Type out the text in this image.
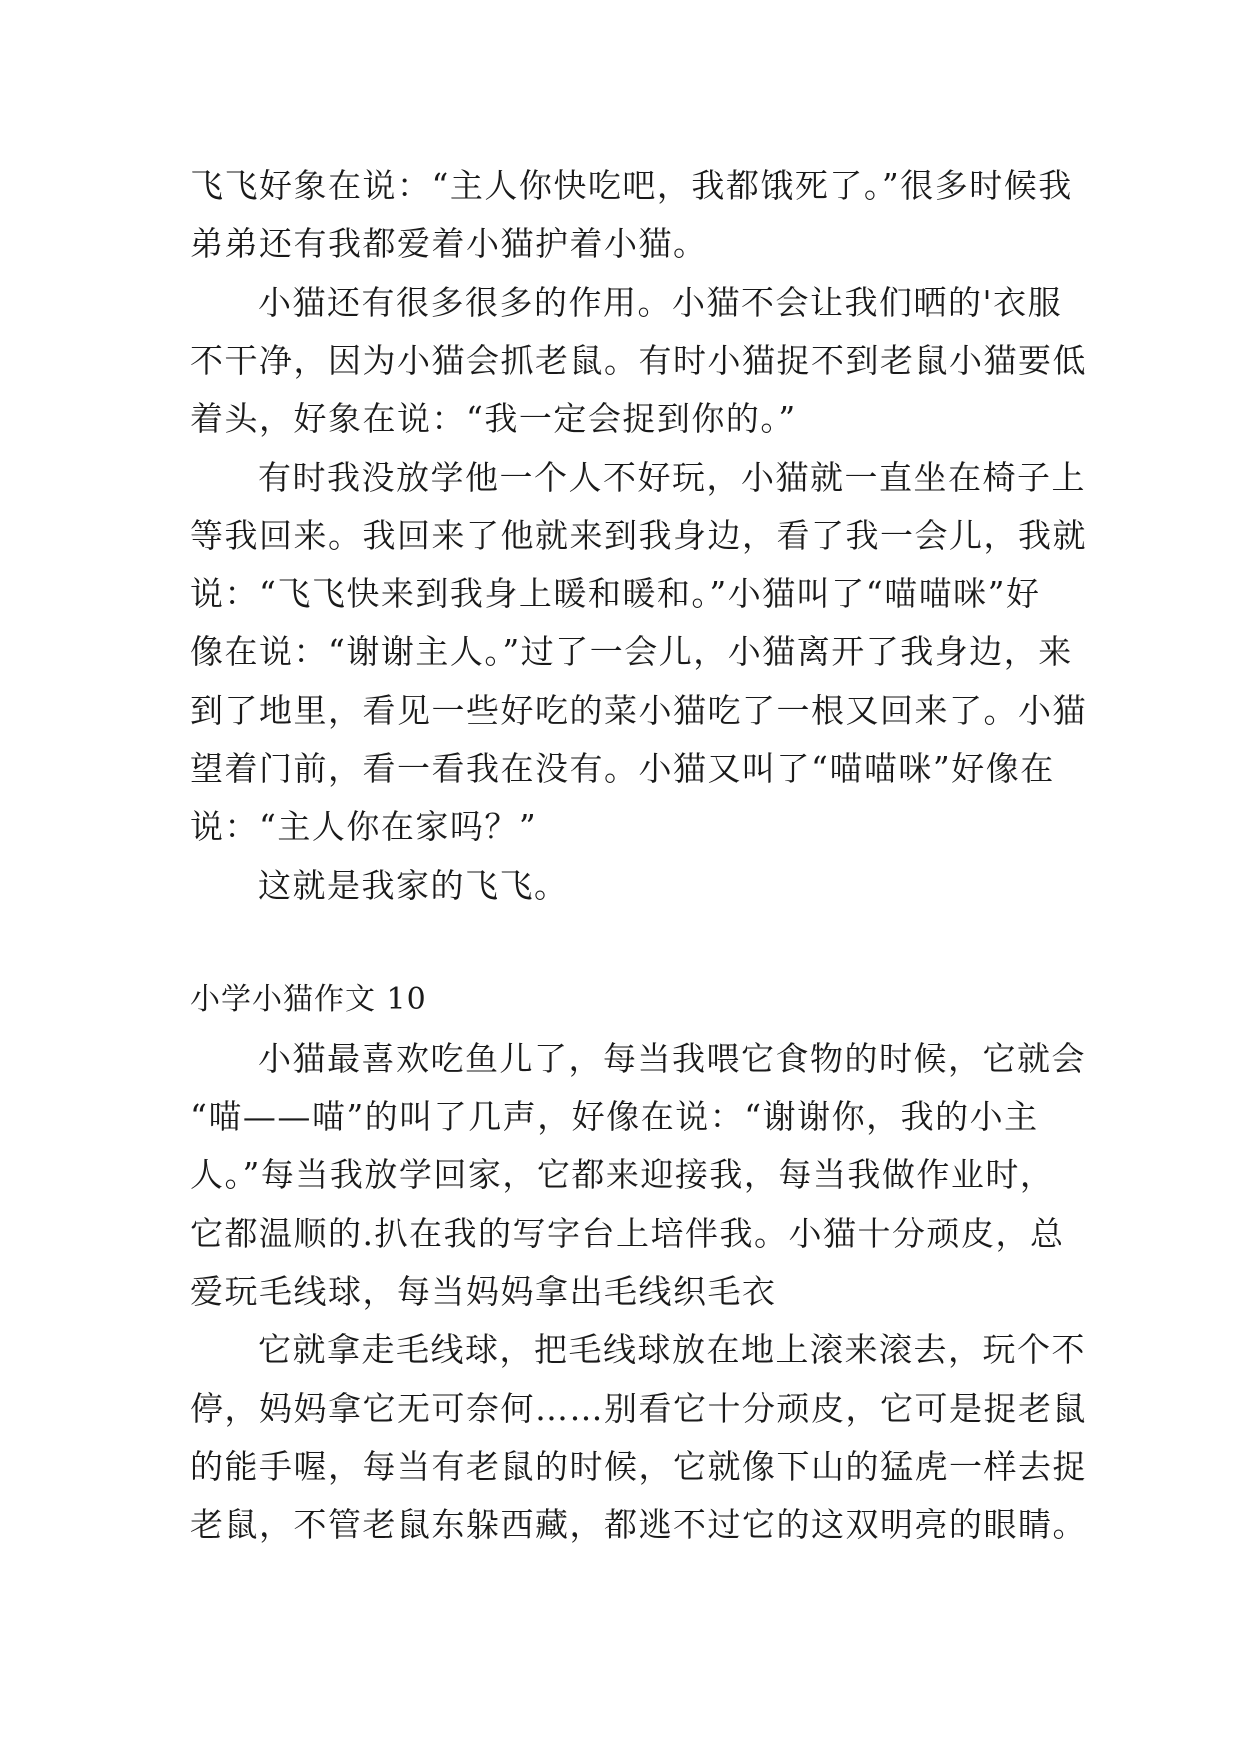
飞飞好象在说：“主人你快吃吧，我都饿死了。”很多时候我
弟弟还有我都爱着小猫护着小猫。
小猫还有很多很多的作用。小猫不会让我们晒的'衣服
不干净，因为小猫会抓老鼠。有时小猫捉不到老鼠小猫要低
着头，好象在说：“我一定会捉到你的。”
有时我没放学他一个人不好玩，小猫就一直坐在椅子上
等我回来。我回来了他就来到我身边，看了我一会儿，我就
说：“飞飞快来到我身上暖和暖和。”小猫叫了“喵喵咪”好
像在说：“谢谢主人。”过了一会儿，小猫离开了我身边，来
到了地里，看见一些好吃的菜小猫吃了一根又回来了。小猫
望着门前，看一看我在没有。小猫又叫了“喵喵咪”好像在
说：“主人你在家吗？”
这就是我家的飞飞。
小学小猫作文 10
小猫最喜欢吃鱼儿了，每当我喂它食物的时候，它就会
“喵——喵”的叫了几声，好像在说：“谢谢你，我的小主
人。”每当我放学回家，它都来迎接我，每当我做作业时，
它都温顺的.扒在我的写字台上培伴我。小猫十分顽皮，总
爱玩毛线球，每当妈妈拿出毛线织毛衣
它就拿走毛线球，把毛线球放在地上滚来滚去，玩个不
停，妈妈拿它无可奈何……别看它十分顽皮，它可是捉老鼠
的能手喔，每当有老鼠的时候，它就像下山的猛虎一样去捉
老鼠，不管老鼠东躲西藏，都逃不过它的这双明亮的眼睛。
